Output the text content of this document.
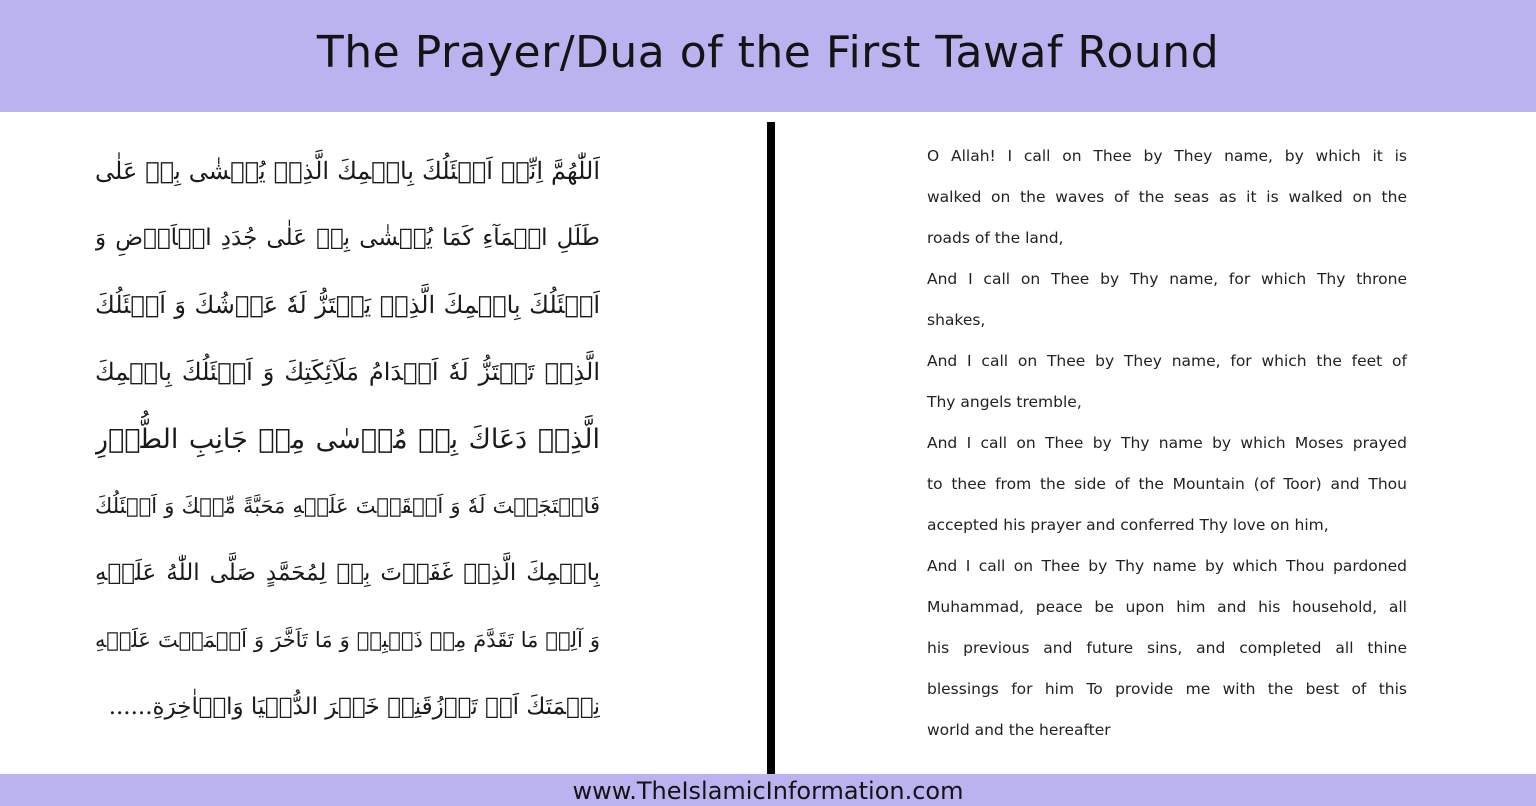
The Prayer/Dua of the First Tawaf Round
اَللّٰهُمَّ اِنِّىۡ اَسۡئَلُكَ بِاسۡمِكَ الَّذِىۡ يُمۡشٰى بِهٖ عَلٰى
طَلَلِ الۡمَآءِ كَمَا يُمۡشٰى بِهٖ عَلٰى جُدَدِ الۡاَرۡضِ وَ
اَسۡئَلُكَ بِاسۡمِكَ الَّذِىۡ يَهۡتَزُّ لَهٗ عَرۡشُكَ وَ اَسۡئَلُكَ
الَّذِىۡ تَهۡتَزُّ لَهٗ اَقۡدَامُ مَلَآئِكَتِكَ وَ اَسۡئَلُكَ بِاسۡمِكَ
الَّذِىۡ دَعَاكَ بِهٖ مُوۡسٰى مِنۡ جَانِبِ الطُّوۡرِ
فَاسۡتَجَبۡتَ لَهٗ وَ اَلۡقَيۡتَ عَلَيۡهِ مَحَبَّةً مِّنۡكَ وَ اَسۡئَلُكَ
بِاسۡمِكَ الَّذِىۡ غَفَرۡتَ بِهٖ لِمُحَمَّدٍ صَلَّى اللّٰهُ عَلَيۡهِ
وَ آلِهٖ مَا تَقَدَّمَ مِنۡ ذَنۡبِهٖ وَ مَا تَاَخَّرَ وَ اَتۡمَمۡتَ عَلَيۡهِ
نِعۡمَتَكَ اَنۡ تَرۡزُقَنِىۡ خَيۡرَ الدُّنۡيَا وَالۡاٰخِرَةِ......
O Allah! I call on Thee by They name, by which it is
walked on the waves of the seas as it is walked on the
roads of the land,
And I call on Thee by Thy name, for which Thy throne
shakes,
And I call on Thee by They name, for which the feet of
Thy angels tremble,
And I call on Thee by Thy name by which Moses prayed
to thee from the side of the Mountain (of Toor) and Thou
accepted his prayer and conferred Thy love on him,
And I call on Thee by Thy name by which Thou pardoned
Muhammad, peace be upon him and his household, all
his previous and future sins, and completed all thine
blessings for him To provide me with the best of this
world and the hereafter
www.TheIslamicInformation.com
